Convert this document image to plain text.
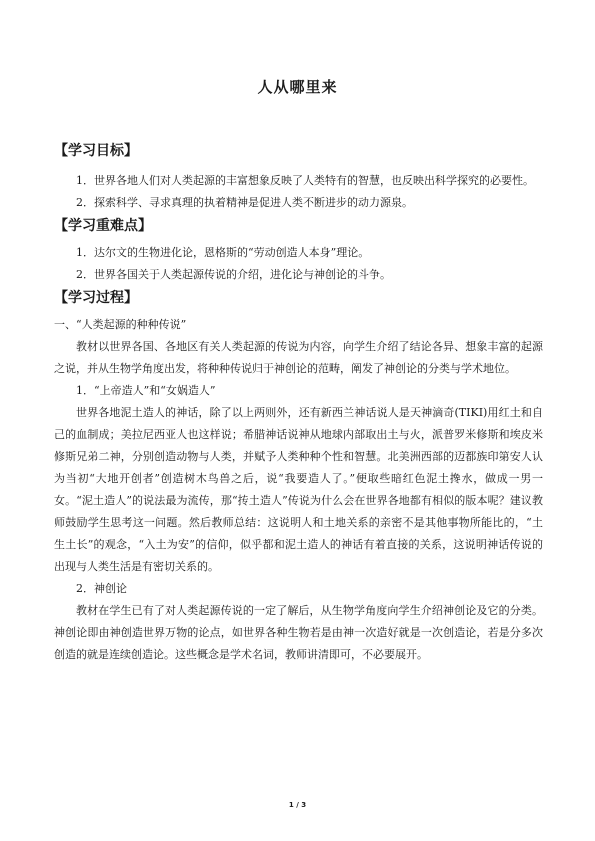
人从哪里来
【学习目标】

1．世界各地人们对人类起源的丰富想象反映了人类特有的智慧，也反映出科学探究的必要性。

2．探索科学、寻求真理的执着精神是促进人类不断进步的动力源泉。

【学习重难点】

1．达尔文的生物进化论，恩格斯的“劳动创造人本身”理论。

2．世界各国关于人类起源传说的介绍，进化论与神创论的斗争。

【学习过程】

一、“人类起源的种种传说”

教材以世界各国、各地区有关人类起源的传说为内容，向学生介绍了结论各异、想象丰富的起源之说，并从生物学角度出发，将种种传说归于神创论的范畴，阐发了神创论的分类与学术地位。

1．“上帝造人”和“女娲造人”

世界各地泥土造人的神话，除了以上两则外，还有新西兰神话说人是天神滴奇(TIKI)用红土和自己的血制成；美拉尼西亚人也这样说；希腊神话说神从地球内部取出土与火，派普罗米修斯和埃皮米修斯兄弟二神，分别创造动物与人类，并赋予人类种种个性和智慧。北美洲西部的迈都族印第安人认为当初“大地开创者”创造树木鸟兽之后，说“我要造人了。”便取些暗红色泥土搀水，做成一男一女。“泥土造人”的说法最为流传，那“抟土造人”传说为什么会在世界各地都有相似的版本呢？建议教师鼓励学生思考这一问题。然后教师总结：这说明人和土地关系的亲密不是其他事物所能比的，“土生土长”的观念，“入土为安”的信仰，似乎都和泥土造人的神话有着直接的关系，这说明神话传说的出现与人类生活是有密切关系的。

2．神创论

教材在学生已有了对人类起源传说的一定了解后，从生物学角度向学生介绍神创论及它的分类。神创论即由神创造世界万物的论点，如世界各种生物若是由神一次造好就是一次创造论，若是分多次创造的就是连续创造论。这些概念是学术名词，教师讲清即可，不必要展开。

1 / 3
